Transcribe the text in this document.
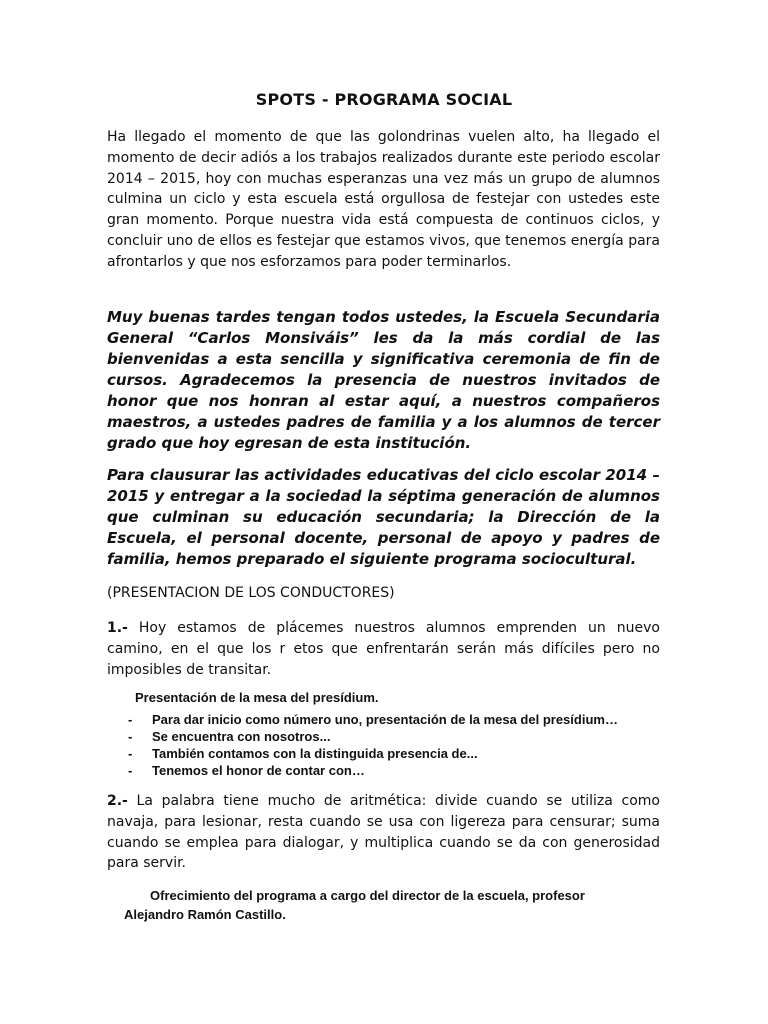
SPOTS - PROGRAMA SOCIAL
Ha llegado el momento de que las golondrinas vuelen alto, ha llegado el momento de decir adiós a los trabajos realizados durante este periodo escolar 2014 – 2015, hoy con muchas esperanzas una vez más un grupo de alumnos culmina un ciclo y esta escuela está orgullosa de festejar con ustedes este gran momento. Porque nuestra vida está compuesta de continuos ciclos, y concluir uno de ellos es festejar que estamos vivos, que tenemos energía para afrontarlos y que nos esforzamos para poder terminarlos.
Muy buenas tardes tengan todos ustedes, la Escuela Secundaria General “Carlos Monsiváis” les da la más cordial de las bienvenidas a esta sencilla y significativa ceremonia de fin de cursos. Agradecemos la presencia de nuestros invitados de honor que nos honran al estar aquí, a nuestros compañeros maestros, a ustedes padres de familia y a los alumnos de tercer grado que hoy egresan de esta institución.
Para clausurar las actividades educativas del ciclo escolar 2014 – 2015 y entregar a la sociedad la séptima generación de alumnos que culminan su educación secundaria; la Dirección de la Escuela, el personal docente, personal de apoyo y padres de familia, hemos preparado el siguiente programa sociocultural.
(PRESENTACION DE LOS CONDUCTORES)
1.- Hoy estamos de plácemes nuestros alumnos emprenden un nuevo camino, en el que los r etos que enfrentarán serán más difíciles pero no imposibles de transitar.
Presentación de la mesa del presídium.
- Para dar inicio como número uno, presentación de la mesa del presídium…
- Se encuentra con nosotros...
- También contamos con la distinguida presencia de...
- Tenemos el honor de contar con…
2.- La palabra tiene mucho de aritmética: divide cuando se utiliza como navaja, para lesionar, resta cuando se usa con ligereza para censurar; suma cuando se emplea para dialogar, y multiplica cuando se da con generosidad para servir.
Ofrecimiento del programa a cargo del director de la escuela, profesor
Alejandro Ramón Castillo.
